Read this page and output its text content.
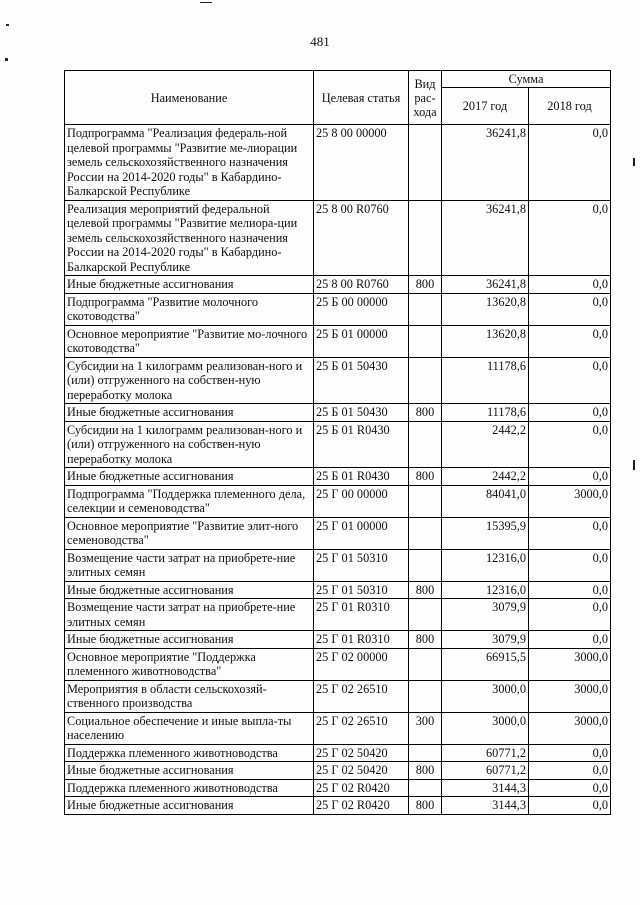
481
Наименование	Целевая статья	Вид рас-хода	Сумма	
			2017 год	2018 год
Подпрограмма "Реализация федераль-ной целевой программы "Развитие ме-лиорации земель сельскохозяйственного назначения России на 2014-2020 годы" в Кабардино-Балкарской Республике	25 8 00 00000		36241,8	0,0
Реализация мероприятий федеральной целевой программы "Развитие мелиора-ции земель сельскохозяйственного назначения России на 2014-2020 годы" в Кабардино-Балкарской Республике	25 8 00 R0760		36241,8	0,0
Иные бюджетные ассигнования	25 8 00 R0760	800	36241,8	0,0
Подпрограмма "Развитие молочного скотоводства"	25 Б 00 00000		13620,8	0,0
Основное мероприятие "Развитие мо-лочного скотоводства"	25 Б 01 00000		13620,8	0,0
Субсидии на 1 килограмм реализован-ного и (или) отгруженного на собствен-ную переработку молока	25 Б 01 50430		11178,6	0,0
Иные бюджетные ассигнования	25 Б 01 50430	800	11178,6	0,0
Субсидии на 1 килограмм реализован-ного и (или) отгруженного на собствен-ную переработку молока	25 Б 01 R0430		2442,2	0,0
Иные бюджетные ассигнования	25 Б 01 R0430	800	2442,2	0,0
Подпрограмма "Поддержка племенного дела, селекции и семеноводства"	25 Г 00 00000		84041,0	3000,0
Основное мероприятие "Развитие элит-ного семеноводства"	25 Г 01 00000		15395,9	0,0
Возмещение части затрат на приобрете-ние элитных семян	25 Г 01 50310		12316,0	0,0
Иные бюджетные ассигнования	25 Г 01 50310	800	12316,0	0,0
Возмещение части затрат на приобрете-ние элитных семян	25 Г 01 R0310		3079,9	0,0
Иные бюджетные ассигнования	25 Г 01 R0310	800	3079,9	0,0
Основное мероприятие "Поддержка племенного животноводства"	25 Г 02 00000		66915,5	3000,0
Мероприятия в области сельскохозяй-ственного производства	25 Г 02 26510		3000,0	3000,0
Социальное обеспечение и иные выпла-ты населению	25 Г 02 26510	300	3000,0	3000,0
Поддержка племенного животноводства	25 Г 02 50420		60771,2	0,0
Иные бюджетные ассигнования	25 Г 02 50420	800	60771,2	0,0
Поддержка племенного животноводства	25 Г 02 R0420		3144,3	0,0
Иные бюджетные ассигнования	25 Г 02 R0420	800	3144,3	0,0
